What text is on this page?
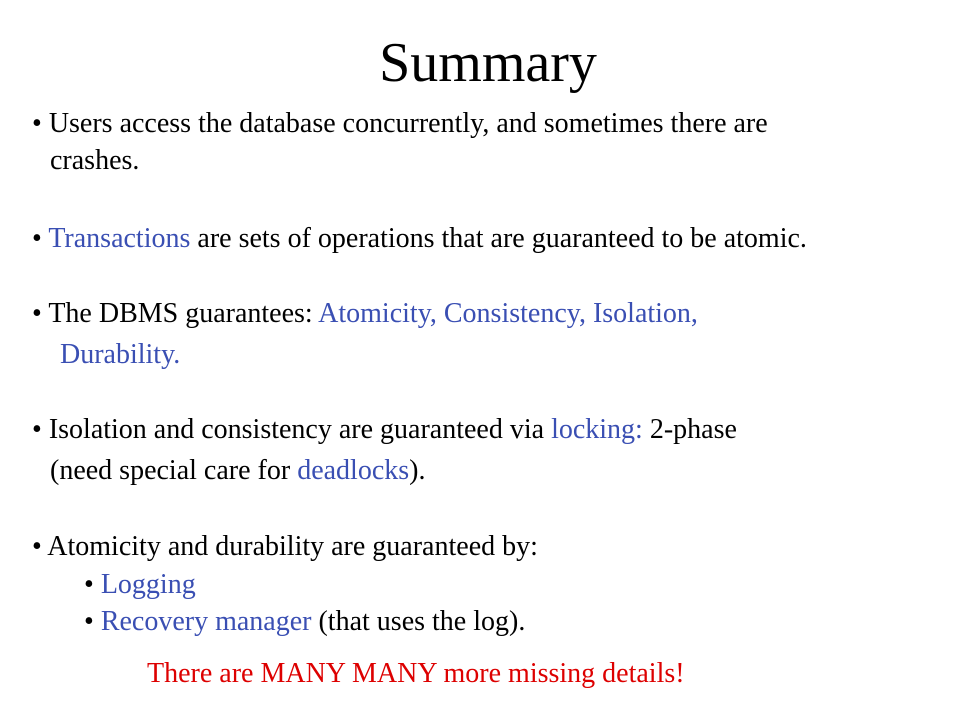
Summary
• Users access the database concurrently, and sometimes there are
crashes.
• Transactions are sets of operations that are guaranteed to be atomic.
• The DBMS guarantees: Atomicity, Consistency, Isolation,
Durability.
• Isolation and consistency are guaranteed via locking: 2-phase
(need special care for deadlocks).
• Atomicity and durability are guaranteed by:
• Logging
• Recovery manager (that uses the log).
There are MANY MANY more missing details!
